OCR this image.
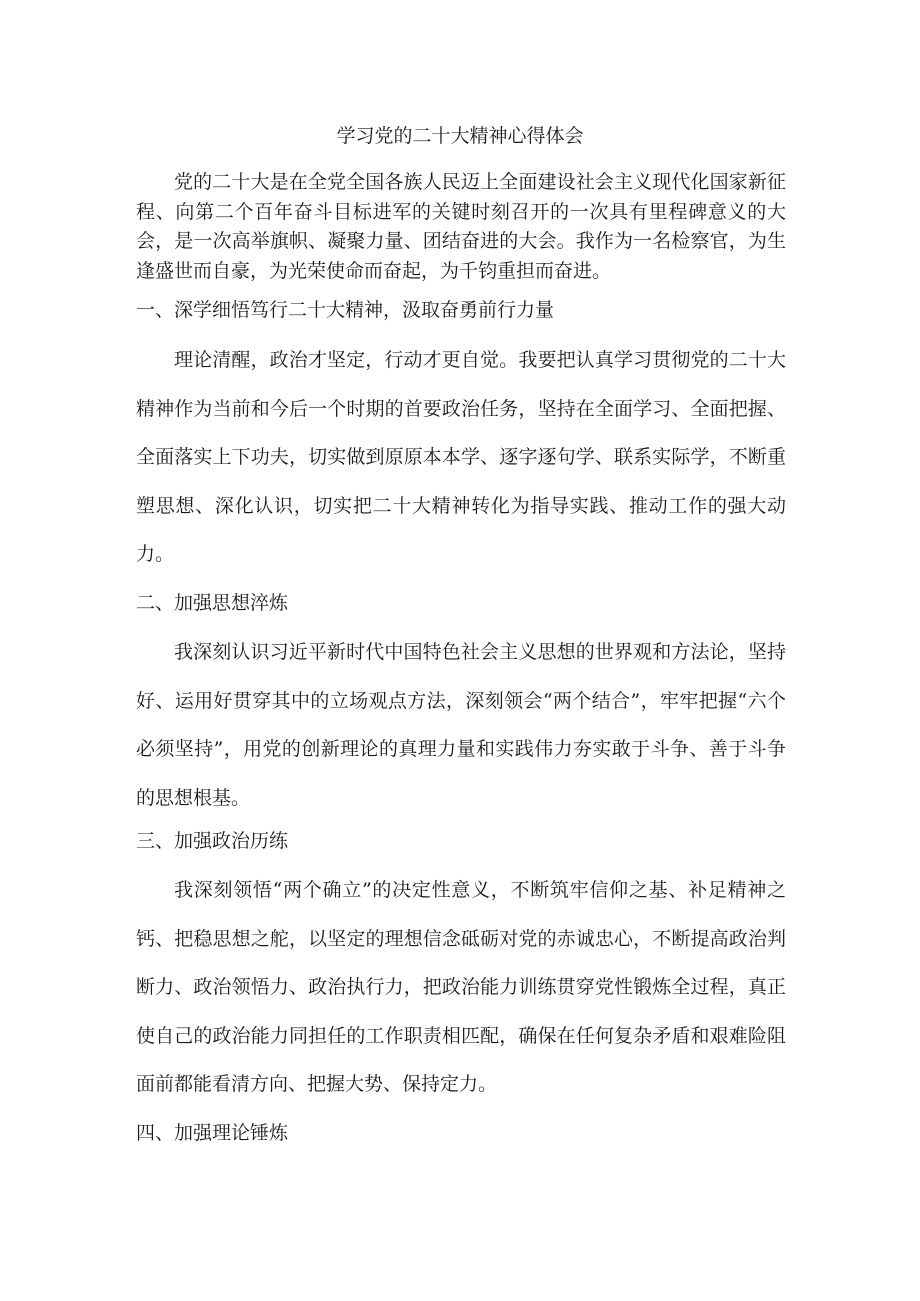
学习党的二十大精神心得体会

党的二十大是在全党全国各族人民迈上全面建设社会主义现代化国家新征程、向第二个百年奋斗目标进军的关键时刻召开的一次具有里程碑意义的大会，是一次高举旗帜、凝聚力量、团结奋进的大会。我作为一名检察官，为生逢盛世而自豪，为光荣使命而奋起，为千钧重担而奋进。

一、深学细悟笃行二十大精神，汲取奋勇前行力量

理论清醒，政治才坚定，行动才更自觉。我要把认真学习贯彻党的二十大精神作为当前和今后一个时期的首要政治任务，坚持在全面学习、全面把握、全面落实上下功夫，切实做到原原本本学、逐字逐句学、联系实际学，不断重塑思想、深化认识，切实把二十大精神转化为指导实践、推动工作的强大动力。

二、加强思想淬炼

我深刻认识习近平新时代中国特色社会主义思想的世界观和方法论，坚持好、运用好贯穿其中的立场观点方法，深刻领会“两个结合”，牢牢把握“六个必须坚持”，用党的创新理论的真理力量和实践伟力夯实敢于斗争、善于斗争的思想根基。

三、加强政治历练

我深刻领悟“两个确立”的决定性意义，不断筑牢信仰之基、补足精神之钙、把稳思想之舵，以坚定的理想信念砥砺对党的赤诚忠心，不断提高政治判断力、政治领悟力、政治执行力，把政治能力训练贯穿党性锻炼全过程，真正使自己的政治能力同担任的工作职责相匹配，确保在任何复杂矛盾和艰难险阻面前都能看清方向、把握大势、保持定力。

四、加强理论锤炼
